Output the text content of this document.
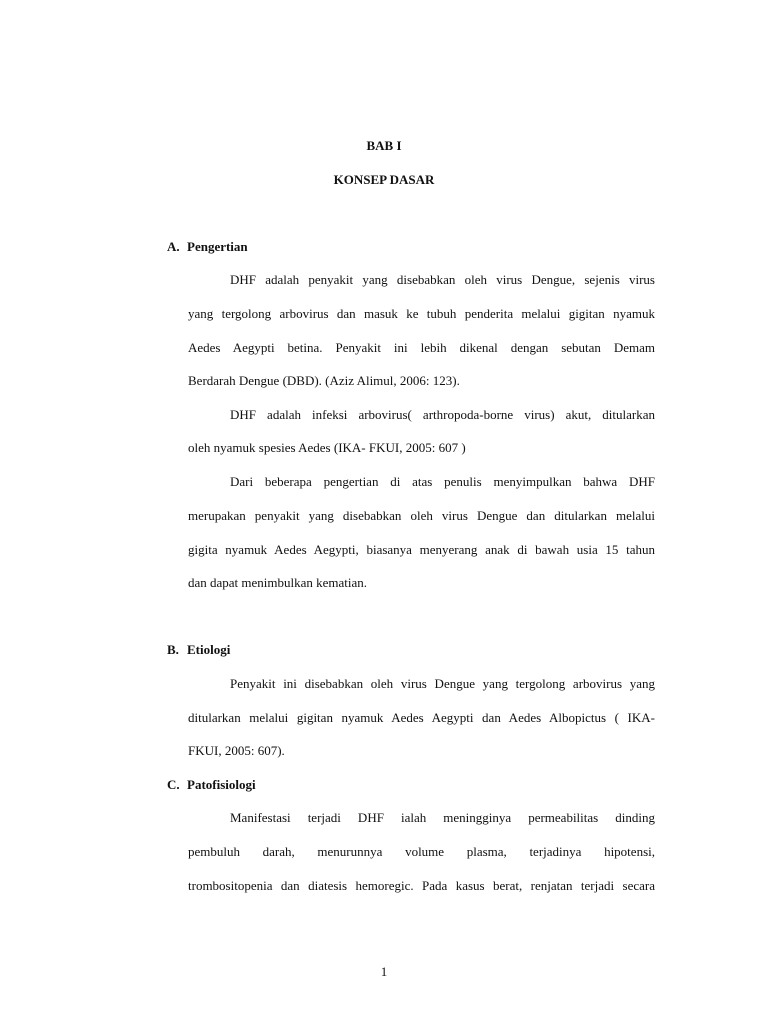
BAB I
KONSEP DASAR
A. Pengertian
DHF adalah penyakit yang disebabkan oleh virus Dengue, sejenis virus
yang tergolong arbovirus dan masuk ke tubuh penderita melalui gigitan nyamuk
Aedes Aegypti betina. Penyakit ini lebih dikenal dengan sebutan Demam
Berdarah Dengue (DBD). (Aziz Alimul, 2006: 123).
DHF adalah infeksi arbovirus( arthropoda-borne virus) akut, ditularkan
oleh nyamuk spesies Aedes (IKA- FKUI, 2005: 607 )
Dari beberapa pengertian di atas penulis menyimpulkan bahwa DHF
merupakan penyakit yang disebabkan oleh virus Dengue dan ditularkan melalui
gigita nyamuk Aedes Aegypti, biasanya menyerang anak di bawah usia 15 tahun
dan dapat menimbulkan kematian.
B. Etiologi
Penyakit ini disebabkan oleh virus Dengue yang tergolong arbovirus yang
ditularkan melalui gigitan nyamuk Aedes Aegypti dan Aedes Albopictus ( IKA-
FKUI, 2005: 607).
C. Patofisiologi
Manifestasi terjadi DHF ialah meningginya permeabilitas dinding
pembuluh darah, menurunnya volume plasma, terjadinya hipotensi,
trombositopenia dan diatesis hemoregic. Pada kasus berat, renjatan terjadi secara
1
